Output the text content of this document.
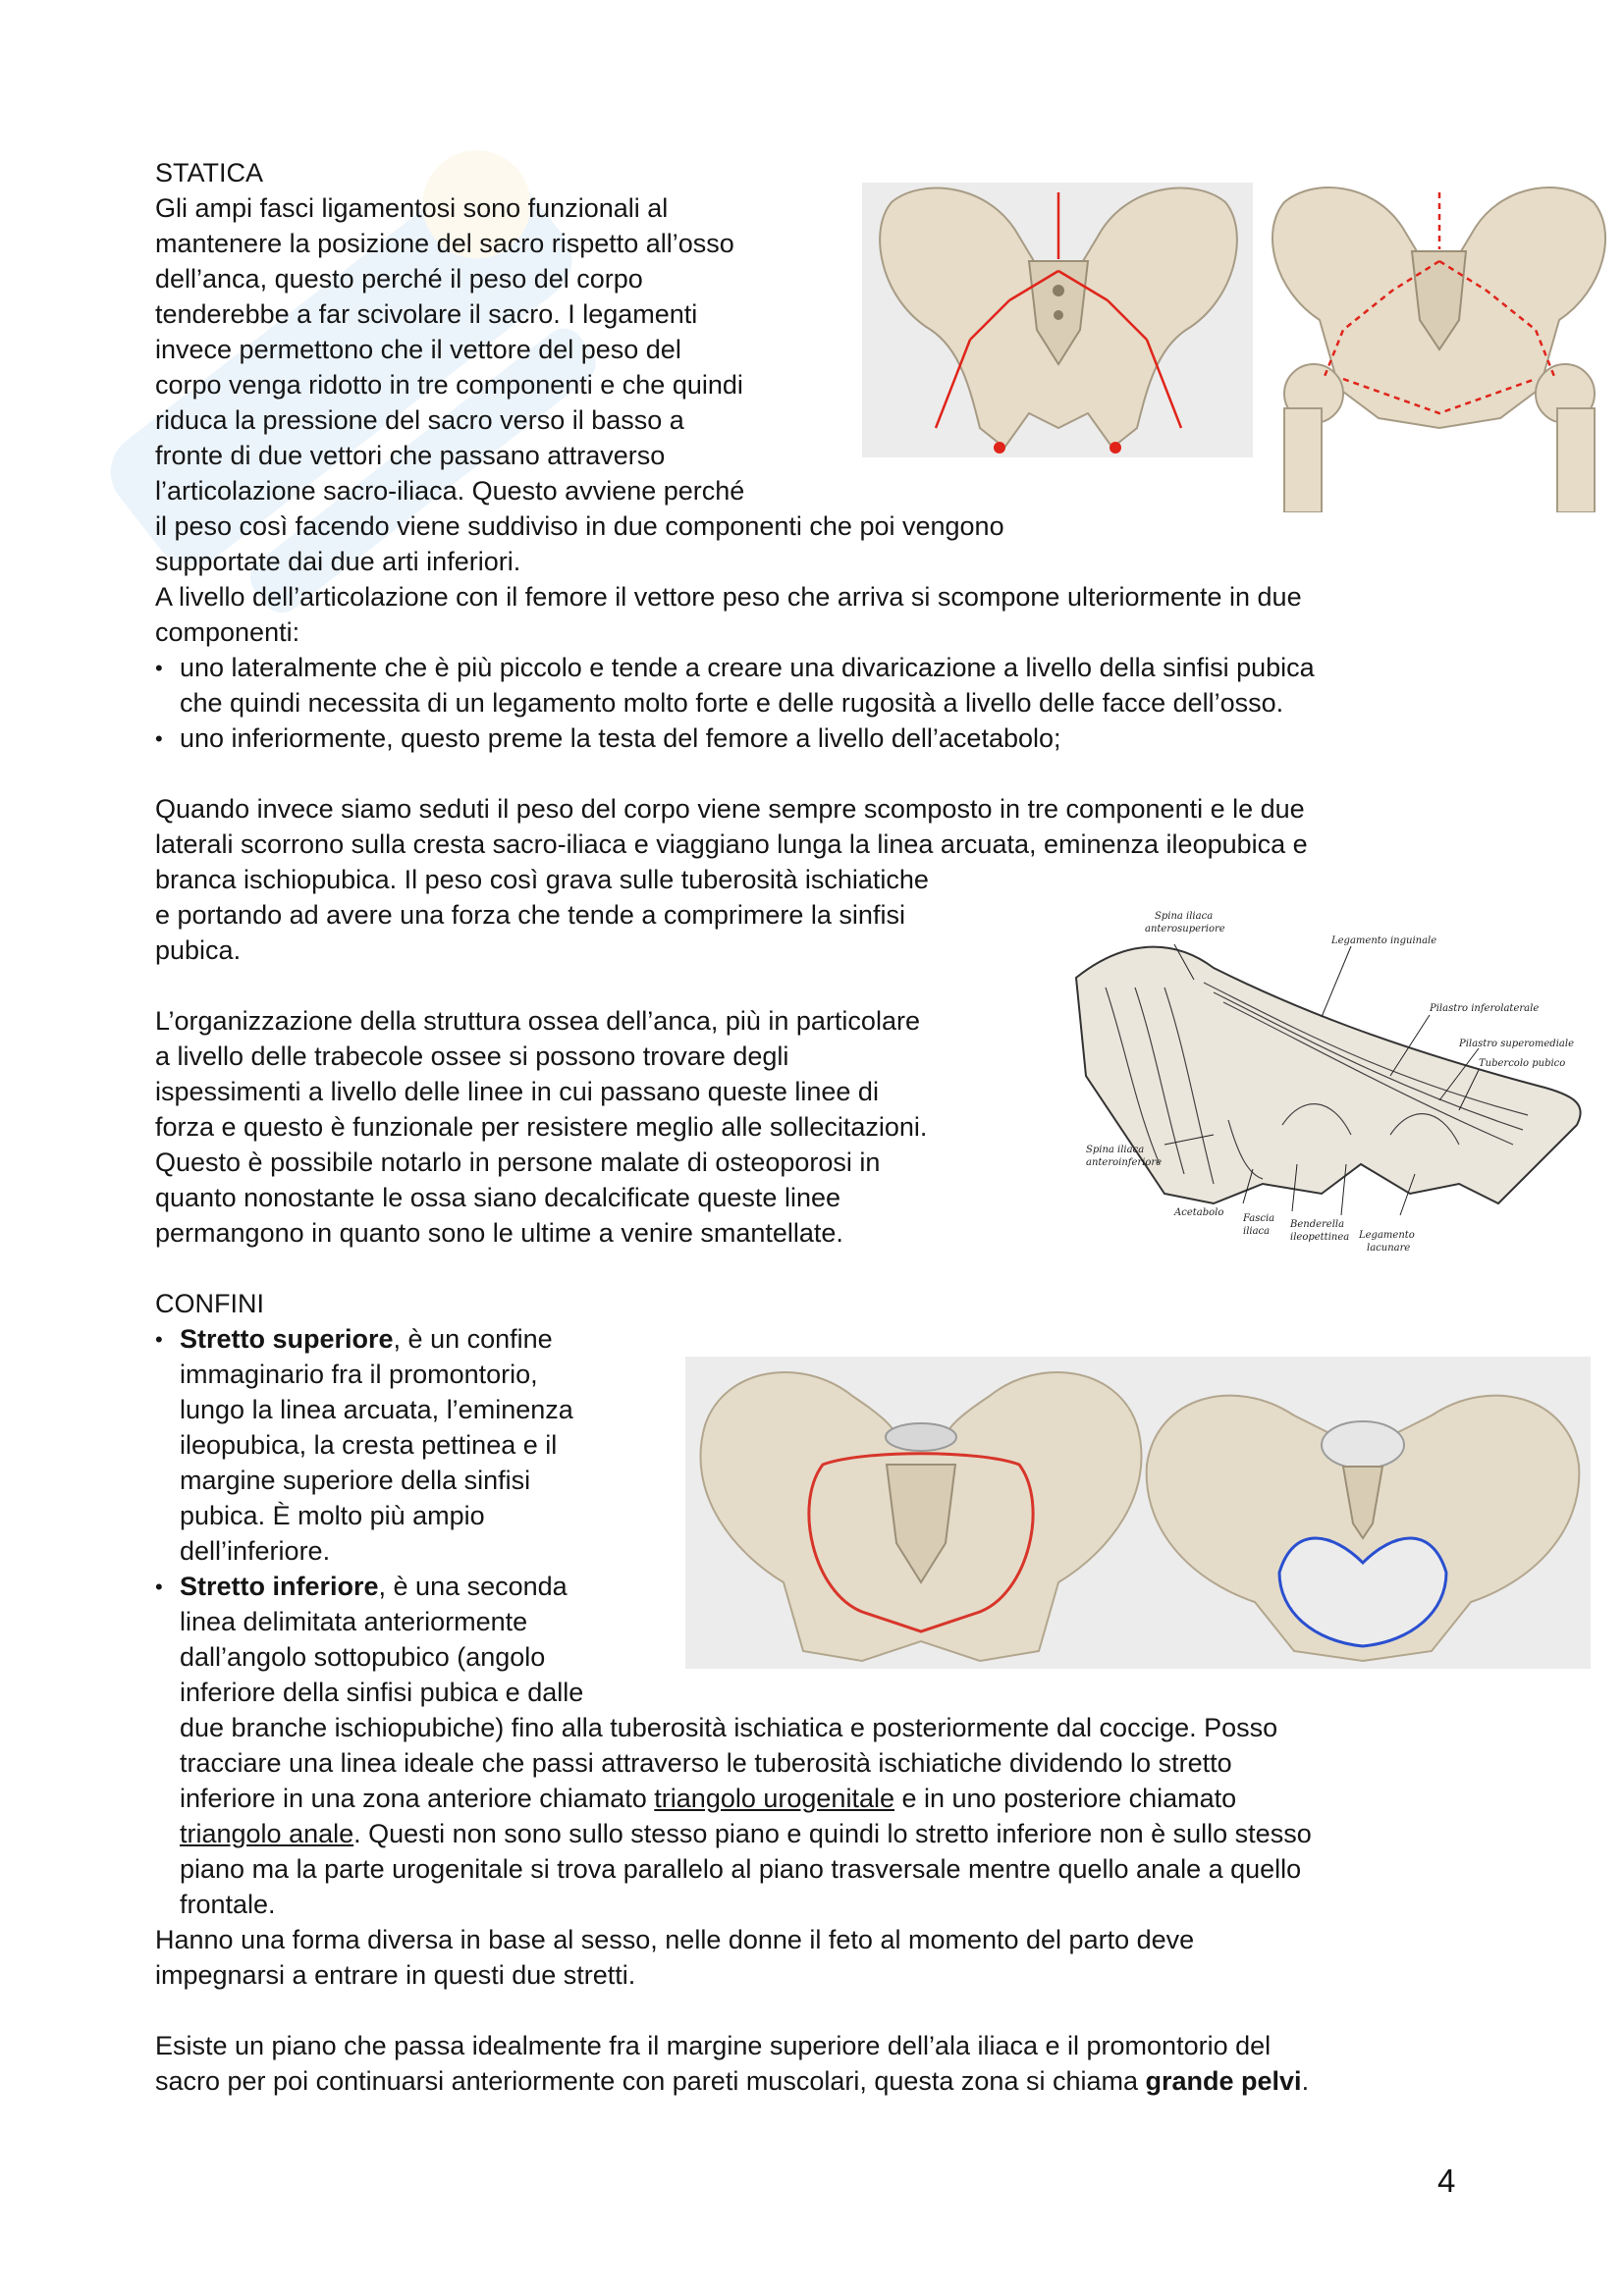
STATICA
Gli ampi fasci ligamentosi sono funzionali al
mantenere la posizione del sacro rispetto all’osso
dell’anca, questo perché il peso del corpo
tenderebbe a far scivolare il sacro. I legamenti
invece permettono che il vettore del peso del
corpo venga ridotto in tre componenti e che quindi
riduca la pressione del sacro verso il basso a
fronte di due vettori che passano attraverso
l’articolazione sacro-iliaca. Questo avviene perché
il peso così facendo viene suddiviso in due componenti che poi vengono
supportate dai due arti inferiori.
A livello dell’articolazione con il femore il vettore peso che arriva si scompone ulteriormente in due
componenti:
• uno lateralmente che è più piccolo e tende a creare una divaricazione a livello della sinfisi pubica
che quindi necessita di un legamento molto forte e delle rugosità a livello delle facce dell’osso.
• uno inferiormente, questo preme la testa del femore a livello dell’acetabolo;
Quando invece siamo seduti il peso del corpo viene sempre scomposto in tre componenti e le due
laterali scorrono sulla cresta sacro-iliaca e viaggiano lunga la linea arcuata, eminenza ileopubica e
branca ischiopubica. Il peso così grava sulle tuberosità ischiatiche
e portando ad avere una forza che tende a comprimere la sinfisi
pubica.
Spina iliaca
anterosuperiore
Legamento inguinale
Pilastro inferolaterale
Pilastro superomediale
Tubercolo pubico
Spina iliaca
anteroinferiore
Acetabolo
Fascia
iliaca
Benderella
ileopettinea Legamento
lacunare
L’organizzazione della struttura ossea dell’anca, più in particolare
a livello delle trabecole ossee si possono trovare degli
ispessimenti a livello delle linee in cui passano queste linee di
forza e questo è funzionale per resistere meglio alle sollecitazioni.
Questo è possibile notarlo in persone malate di osteoporosi in
quanto nonostante le ossa siano decalcificate queste linee
permangono in quanto sono le ultime a venire smantellate.
CONFINI
• Stretto superiore, è un confine
immaginario fra il promontorio,
lungo la linea arcuata, l’eminenza
ileopubica, la cresta pettinea e il
margine superiore della sinfisi
pubica. È molto più ampio
dell’inferiore.
• Stretto inferiore, è una seconda
linea delimitata anteriormente
dall’angolo sottopubico (angolo
inferiore della sinfisi pubica e dalle
due branche ischiopubiche) fino alla tuberosità ischiatica e posteriormente dal coccige. Posso
tracciare una linea ideale che passi attraverso le tuberosità ischiatiche dividendo lo stretto
inferiore in una zona anteriore chiamato triangolo urogenitale e in uno posteriore chiamato
triangolo anale. Questi non sono sullo stesso piano e quindi lo stretto inferiore non è sullo stesso
piano ma la parte urogenitale si trova parallelo al piano trasversale mentre quello anale a quello
frontale.
Hanno una forma diversa in base al sesso, nelle donne il feto al momento del parto deve
impegnarsi a entrare in questi due stretti.
Esiste un piano che passa idealmente fra il margine superiore dell’ala iliaca e il promontorio del
sacro per poi continuarsi anteriormente con pareti muscolari, questa zona si chiama grande pelvi.
4
